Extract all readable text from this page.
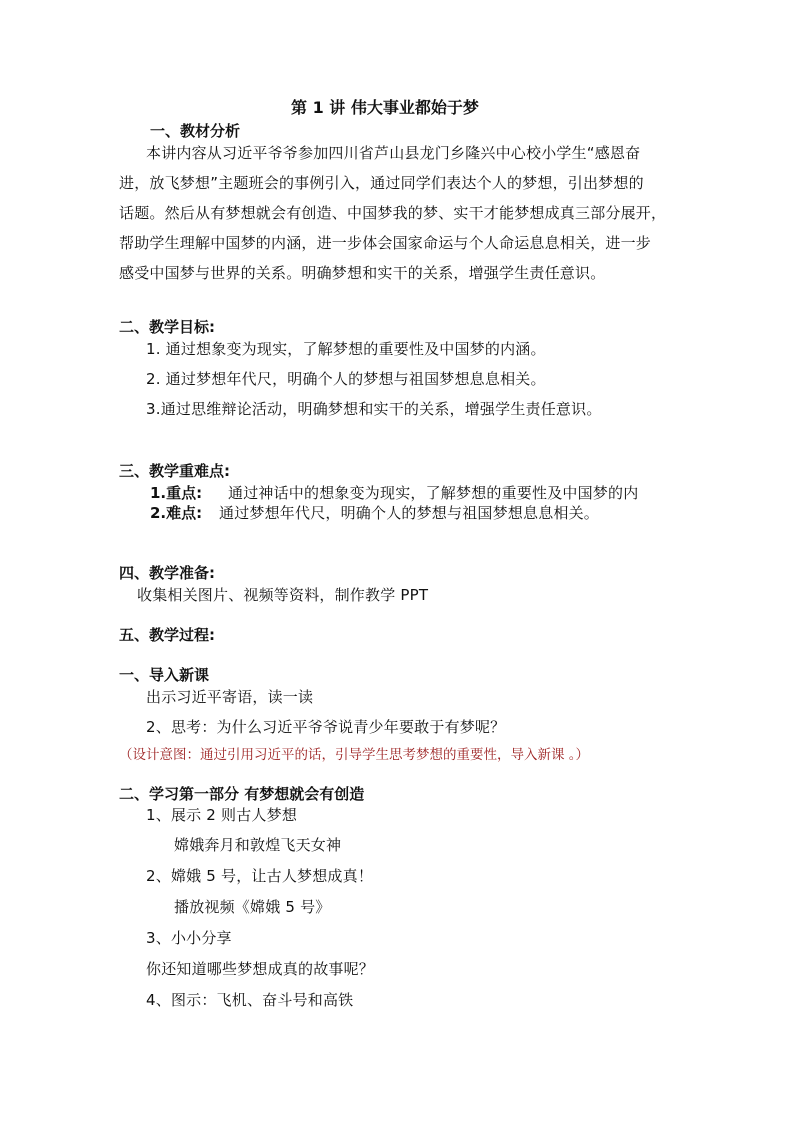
第 1 讲 伟大事业都始于梦
一、教材分析
本讲内容从习近平爷爷参加四川省芦山县龙门乡隆兴中心校小学生“感恩奋
进，放飞梦想”主题班会的事例引入，通过同学们表达个人的梦想，引出梦想的
话题。然后从有梦想就会有创造、中国梦我的梦、实干才能梦想成真三部分展开，
帮助学生理解中国梦的内涵，进一步体会国家命运与个人命运息息相关，进一步
感受中国梦与世界的关系。明确梦想和实干的关系，增强学生责任意识。
二、教学目标:
1. 通过想象变为现实，了解梦想的重要性及中国梦的内涵。
2. 通过梦想年代尺，明确个人的梦想与祖国梦想息息相关。
3.通过思维辩论活动，明确梦想和实干的关系，增强学生责任意识。
三、教学重难点:
1.重点: 通过神话中的想象变为现实，了解梦想的重要性及中国梦的内
2.难点: 通过梦想年代尺，明确个人的梦想与祖国梦想息息相关。
四、教学准备:
收集相关图片、视频等资料，制作教学 PPT
五、教学过程:
一、导入新课
出示习近平寄语，读一读
2、思考：为什么习近平爷爷说青少年要敢于有梦呢？
（设计意图：通过引用习近平的话，引导学生思考梦想的重要性，导入新课 。）
二、学习第一部分 有梦想就会有创造
1、展示 2 则古人梦想
嫦娥奔月和敦煌飞天女神
2、嫦娥 5 号，让古人梦想成真！
播放视频《嫦娥 5 号》
3、小小分享
你还知道哪些梦想成真的故事呢？
4、图示：飞机、奋斗号和高铁
